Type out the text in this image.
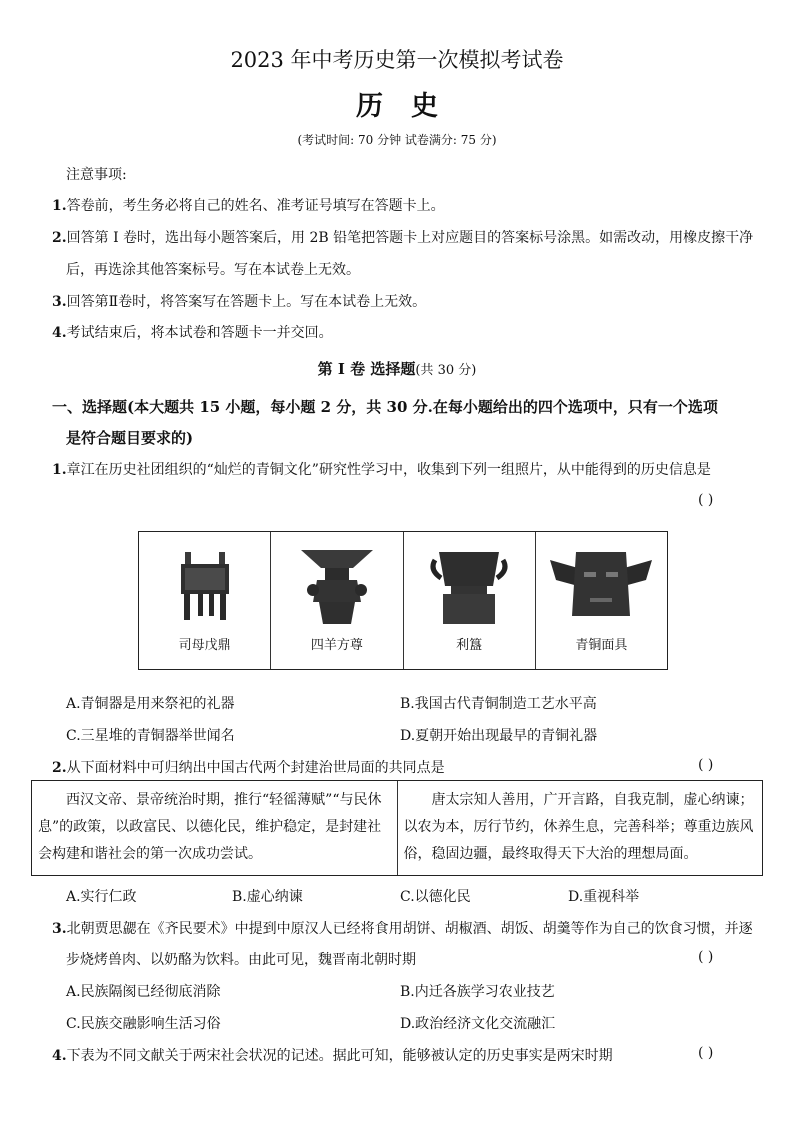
2023 年中考历史第一次模拟考试卷
历史
(考试时间: 70 分钟 试卷满分: 75 分)
注意事项:
1.答卷前，考生务必将自己的姓名、准考证号填写在答题卡上。
2.回答第 I 卷时，选出每小题答案后，用 2B 铅笔把答题卡上对应题目的答案标号涂黑。如需改动，用橡皮擦干净
后，再选涂其他答案标号。写在本试卷上无效。
3.回答第Ⅱ卷时，将答案写在答题卡上。写在本试卷上无效。
4.考试结束后，将本试卷和答题卡一并交回。
第 I 卷 选择题(共 30 分)
一、选择题(本大题共 15 小题，每小题 2 分，共 30 分.在每小题给出的四个选项中，只有一个选项
是符合题目要求的)
1.章江在历史社团组织的“灿烂的青铜文化”研究性学习中，收集到下列一组照片，从中能得到的历史信息是
( )
司母戊鼎	四羊方尊	利簋	青铜面具
A.青铜器是用来祭祀的礼器	B.我国古代青铜制造工艺水平高
C.三星堆的青铜器举世闻名	D.夏朝开始出现最早的青铜礼器
2.从下面材料中可归纳出中国古代两个封建治世局面的共同点是	( )
西汉文帝、景帝统治时期，推行“轻徭薄赋”“与民休息”的政策，以政富民、以德化民，维护稳定，是封建社会构建和谐社会的第一次成功尝试。
唐太宗知人善用，广开言路，自我克制，虚心纳谏；以农为本，厉行节约，休养生息，完善科举；尊重边族风俗，稳固边疆，最终取得天下大治的理想局面。
A.实行仁政	B.虚心纳谏	C.以德化民	D.重视科举
3.北朝贾思勰在《齐民要术》中提到中原汉人已经将食用胡饼、胡椒酒、胡饭、胡羹等作为自己的饮食习惯，并逐
步烧烤兽肉、以奶酪为饮料。由此可见，魏晋南北朝时期	( )
A.民族隔阂已经彻底消除	B.内迁各族学习农业技艺
C.民族交融影响生活习俗	D.政治经济文化交流融汇
4.下表为不同文献关于两宋社会状况的记述。据此可知，能够被认定的历史事实是两宋时期	( )
